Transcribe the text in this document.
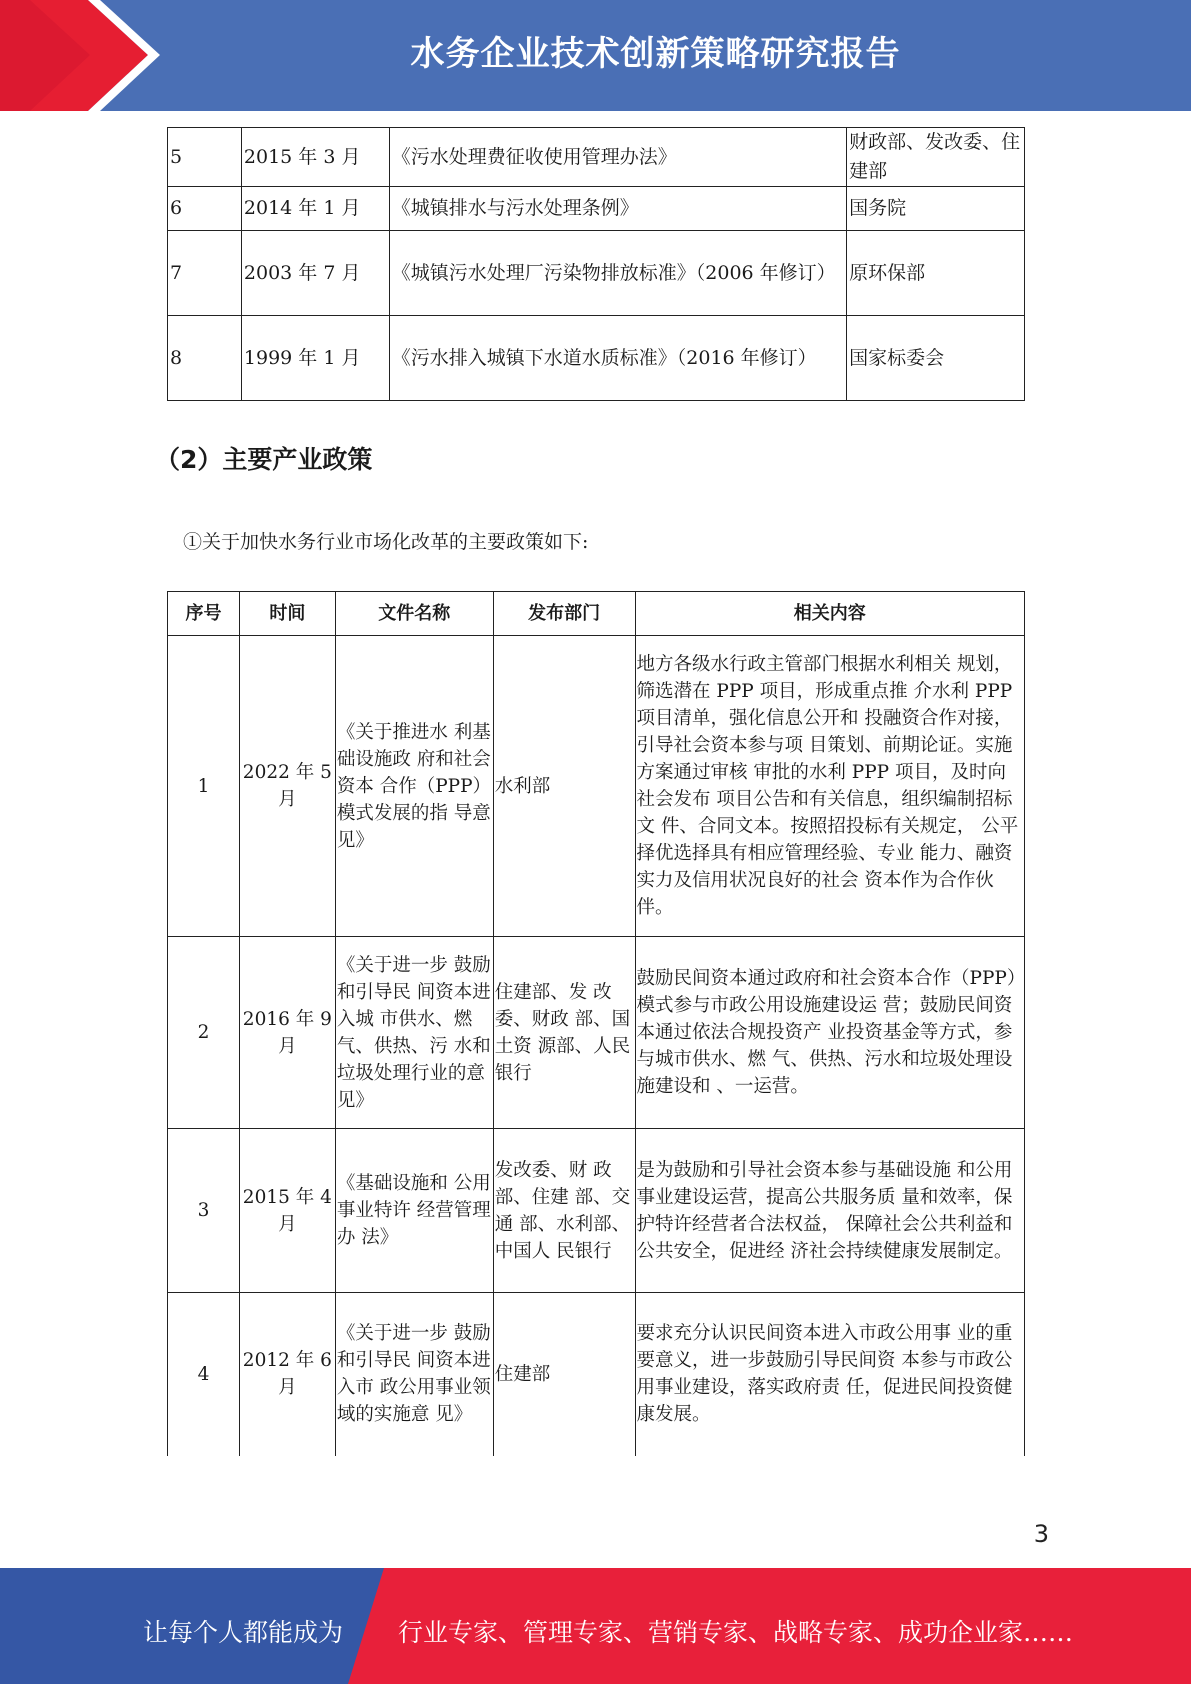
水务企业技术创新策略研究报告
5	2015 年 3 月	《污水处理费征收使用管理办法》	财政部、发改委、住建部
6	2014 年 1 月	《城镇排水与污水处理条例》	国务院
7	2003 年 7 月	《城镇污水处理厂污染物排放标准》（2006 年修订）	原环保部
8	1999 年 1 月	《污水排入城镇下水道水质标准》（2016 年修订）	国家标委会
（2）主要产业政策
①关于加快水务行业市场化改革的主要政策如下:
序号	时间	文件名称	发布部门	相关内容
1	2022 年 5 月	《关于推进水 利基础设施政 府和社会资本 合作（PPP） 模式发展的指 导意见》	水利部	地方各级水行政主管部门根据水利相关 规划，筛选潜在 PPP 项目，形成重点推 介水利 PPP 项目清单，强化信息公开和 投融资合作对接，引导社会资本参与项 目策划、前期论证。实施方案通过审核 审批的水利 PPP 项目，及时向社会发布 项目公告和有关信息，组织编制招标文 件、合同文本。按照招投标有关规定， 公平择优选择具有相应管理经验、专业 能力、融资实力及信用状况良好的社会 资本作为合作伙伴。
2	2016 年 9 月	《关于进一步 鼓励和引导民 间资本进入城 市供水、燃 气、供热、污 水和垃圾处理行业的意见》	住建部、发 改委、财政 部、国土资 源部、人民 银行	鼓励民间资本通过政府和社会资本合作（PPP）模式参与市政公用设施建设运 营；鼓励民间资本通过依法合规投资产 业投资基金等方式，参与城市供水、燃 气、供热、污水和垃圾处理设施建设和 、一运营。
3	2015 年 4 月	《基础设施和 公用事业特许 经营管理办 法》	发改委、财 政部、住建 部、交通 部、水利部、中国人 民银行	是为鼓励和引导社会资本参与基础设施 和公用事业建设运营，提高公共服务质 量和效率，保护特许经营者合法权益， 保障社会公共利益和公共安全，促进经 济社会持续健康发展制定。
4	2012 年 6 月	《关于进一步 鼓励和引导民 间资本进入市 政公用事业领 域的实施意 见》	住建部	要求充分认识民间资本进入市政公用事 业的重要意义，进一步鼓励引导民间资 本参与市政公用事业建设，落实政府责 任，促进民间投资健康发展。
3
让每个人都能成为 行业专家、管理专家、营销专家、战略专家、成功企业家……
